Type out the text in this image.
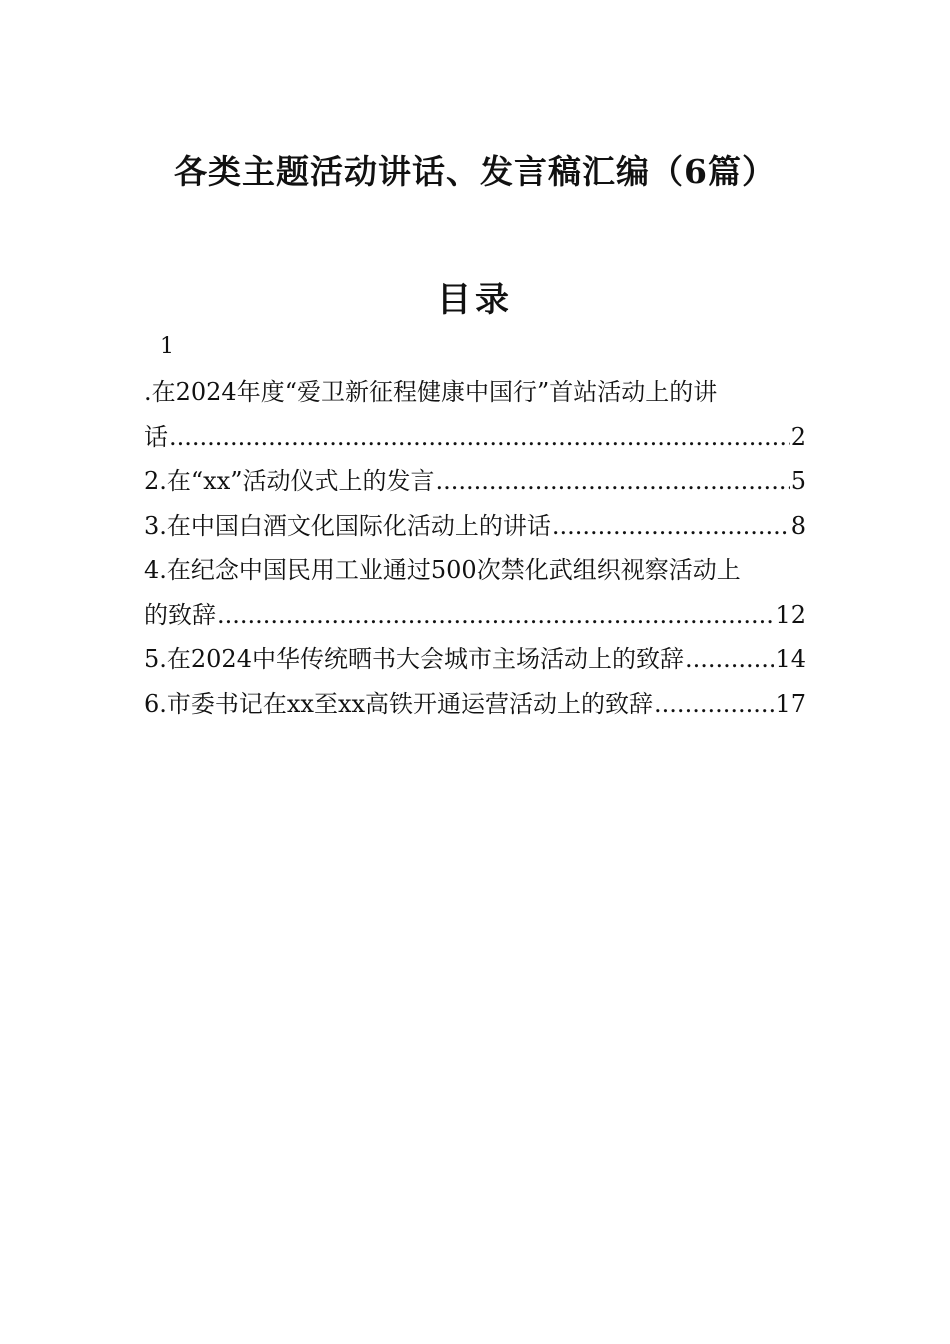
各类主题活动讲话、发言稿汇编（6篇）
目录
1
.在2024年度“爱卫新征程健康中国行”首站活动上的讲
话 .....	2
2.在“xx”活动仪式上的发言 .....	5
3.在中国白酒文化国际化活动上的讲话 .....	8
4.在纪念中国民用工业通过500次禁化武组织视察活动上
的致辞 .....	12
5.在2024中华传统晒书大会城市主场活动上的致辞 .....	14
6.市委书记在xx至xx高铁开通运营活动上的致辞 .....	17
